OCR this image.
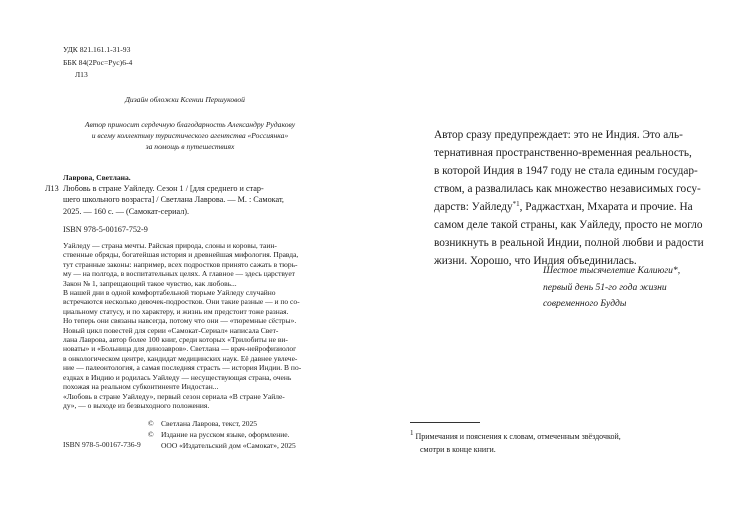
УДК 821.161.1-31-93
ББК 84(2Рос=Рус)6-4
Л13
Дизайн обложки Ксении Першуковой
Автор приносит сердечную благодарность Александру Рудакову
и всему коллективу туристического агентства «Россиянка»
за помощь в путешествиях
Лаврова, Светлана.
Л13 Любовь в стране Уайледу. Сезон 1 / [для среднего и стар-
шего школьного возраста] / Светлана Лаврова. — М. : Самокат,
2025. — 160 с. — (Самокат-сериал).
ISBN 978-5-00167-752-9
Уайледу — страна мечты. Райская природа, слоны и коровы, таин-
ственные обряды, богатейшая история и древнейшая мифология. Правда,
тут странные законы: например, всех подростков принято сажать в тюрь-
му — на полгода, в воспитательных целях. А главное — здесь царствует
Закон № 1, запрещающий такое чувство, как любовь...
В нашей дни в одной комфортабельной тюрьме Уайледу случайно
встречаются несколько девочек-подростков. Они такие разные — и по со-
циальному статусу, и по характеру, и жизнь им предстоит тоже разная.
Но теперь они связаны навсегда, потому что они — «тюремные сёстры».
Новый цикл повестей для серии «Самокат-Сериал» написала Свет-
лана Лаврова, автор более 100 книг, среди которых «Трилобиты не ви-
новаты» и «Больница для динозавров». Светлана — врач-нейрофизиолог
в онкологическом центре, кандидат медицинских наук. Её давнее увлече-
ние — палеонтология, а самая последняя страсть — история Индии. В по-
ездках в Индию и родилась Уайледу — несуществующая страна, очень
похожая на реальном субконтиненте Индостан...
«Любовь в стране Уайледу», первый сезон сериала «В стране Уайле-
ду», — о выходе из безвыходного положения.
© Светлана Лаврова, текст, 2025
© Издание на русском языке, оформление.
ООО «Издательский дом «Самокат», 2025
ISBN 978-5-00167-736-9
Автор сразу предупреждает: это не Индия. Это аль-
тернативная пространственно-временная реальность,
в которой Индия в 1947 году не стала единым государ-
ством, а развалилась как множество независимых госу-
дарств: Уайледу$^{*1}$, Раджастхан, Мхарата и прочие. На
самом деле такой страны, как Уайледу, просто не могло
возникнуть в реальной Индии, полной любви и радости
жизни. Хорошо, что Индия объединилась.
Шестое тысячелетие Калиюги*,
первый день 51-го года жизни
современного Будды
$^1$ Примечания и пояснения к словам, отмеченным звёздочкой,
смотри в конце книги.
